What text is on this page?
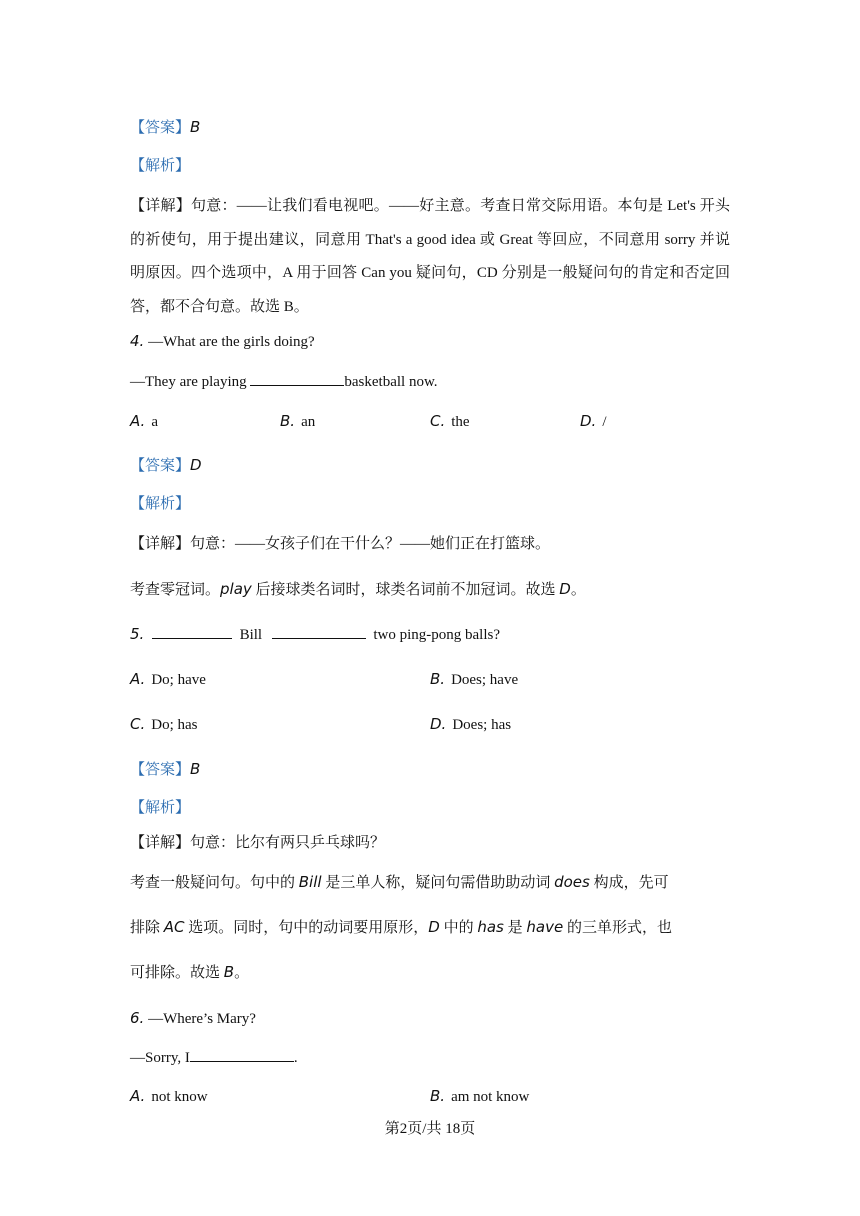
【答案】B
【解析】
【详解】句意：——让我们看电视吧。——好主意。考查日常交际用语。本句是 Let's 开头的祈使句，用于提出建议，同意用 That's a good idea 或 Great 等回应，不同意用 sorry 并说明原因。四个选项中，A 用于回答 Can you 疑问句，CD 分别是一般疑问句的肯定和否定回答，都不合句意。故选 B。
4. —What are the girls doing?
—They are playing	basketball now.
A. a	B. an	C. the	D. /
【答案】D
【解析】
【详解】句意：——女孩子们在干什么？——她们正在打篮球。
考查零冠词。play 后接球类名词时，球类名词前不加冠词。故选 D。
5.	Bill	two ping-pong balls?
A. Do; have	B. Does; have
C. Do; has	D. Does; has
【答案】B
【解析】
【详解】句意：比尔有两只乒乓球吗？
考查一般疑问句。句中的 Bill 是三单人称，疑问句需借助助动词 does 构成，先可
排除 AC 选项。同时，句中的动词要用原形，D 中的 has 是 have 的三单形式，也
可排除。故选 B。
6. —Where’s Mary?
—Sorry, I	.
A. not know	B. am not know
第2页/共 18页
